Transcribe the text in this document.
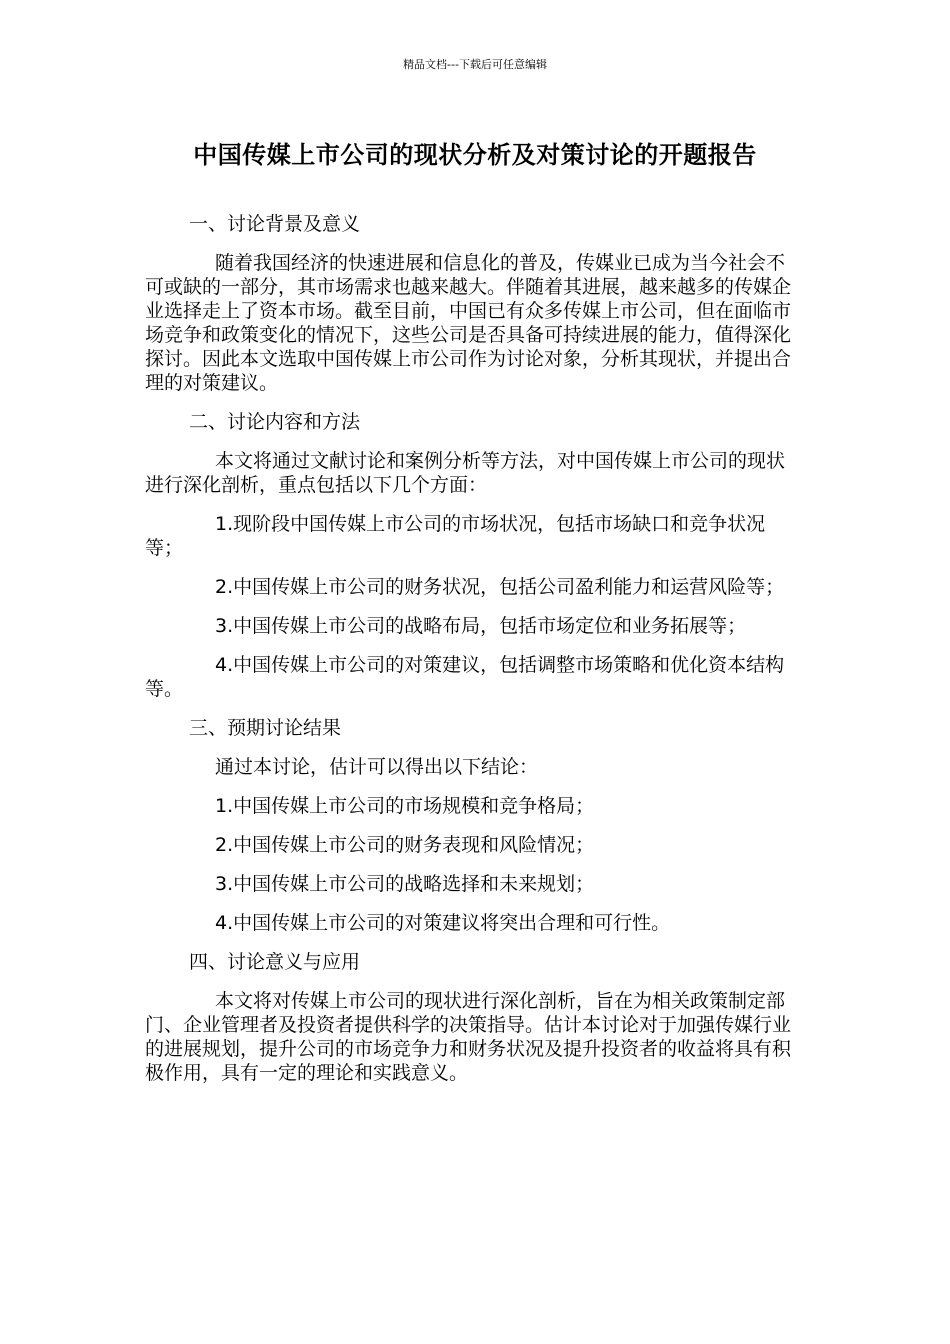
精品文档---下载后可任意编辑
中国传媒上市公司的现状分析及对策讨论的开题报告

一、讨论背景及意义

随着我国经济的快速进展和信息化的普及，传媒业已成为当今社会不可或缺的一部分，其市场需求也越来越大。伴随着其进展，越来越多的传媒企业选择走上了资本市场。截至目前，中国已有众多传媒上市公司，但在面临市场竞争和政策变化的情况下，这些公司是否具备可持续进展的能力，值得深化探讨。因此本文选取中国传媒上市公司作为讨论对象，分析其现状，并提出合理的对策建议。

二、讨论内容和方法

本文将通过文献讨论和案例分析等方法，对中国传媒上市公司的现状进行深化剖析，重点包括以下几个方面：

1.现阶段中国传媒上市公司的市场状况，包括市场缺口和竞争状况等；

2.中国传媒上市公司的财务状况，包括公司盈利能力和运营风险等；

3.中国传媒上市公司的战略布局，包括市场定位和业务拓展等；

4.中国传媒上市公司的对策建议，包括调整市场策略和优化资本结构等。

三、预期讨论结果

通过本讨论，估计可以得出以下结论：

1.中国传媒上市公司的市场规模和竞争格局；

2.中国传媒上市公司的财务表现和风险情况；

3.中国传媒上市公司的战略选择和未来规划；

4.中国传媒上市公司的对策建议将突出合理和可行性。

四、讨论意义与应用

本文将对传媒上市公司的现状进行深化剖析，旨在为相关政策制定部门、企业管理者及投资者提供科学的决策指导。估计本讨论对于加强传媒行业的进展规划，提升公司的市场竞争力和财务状况及提升投资者的收益将具有积极作用，具有一定的理论和实践意义。
